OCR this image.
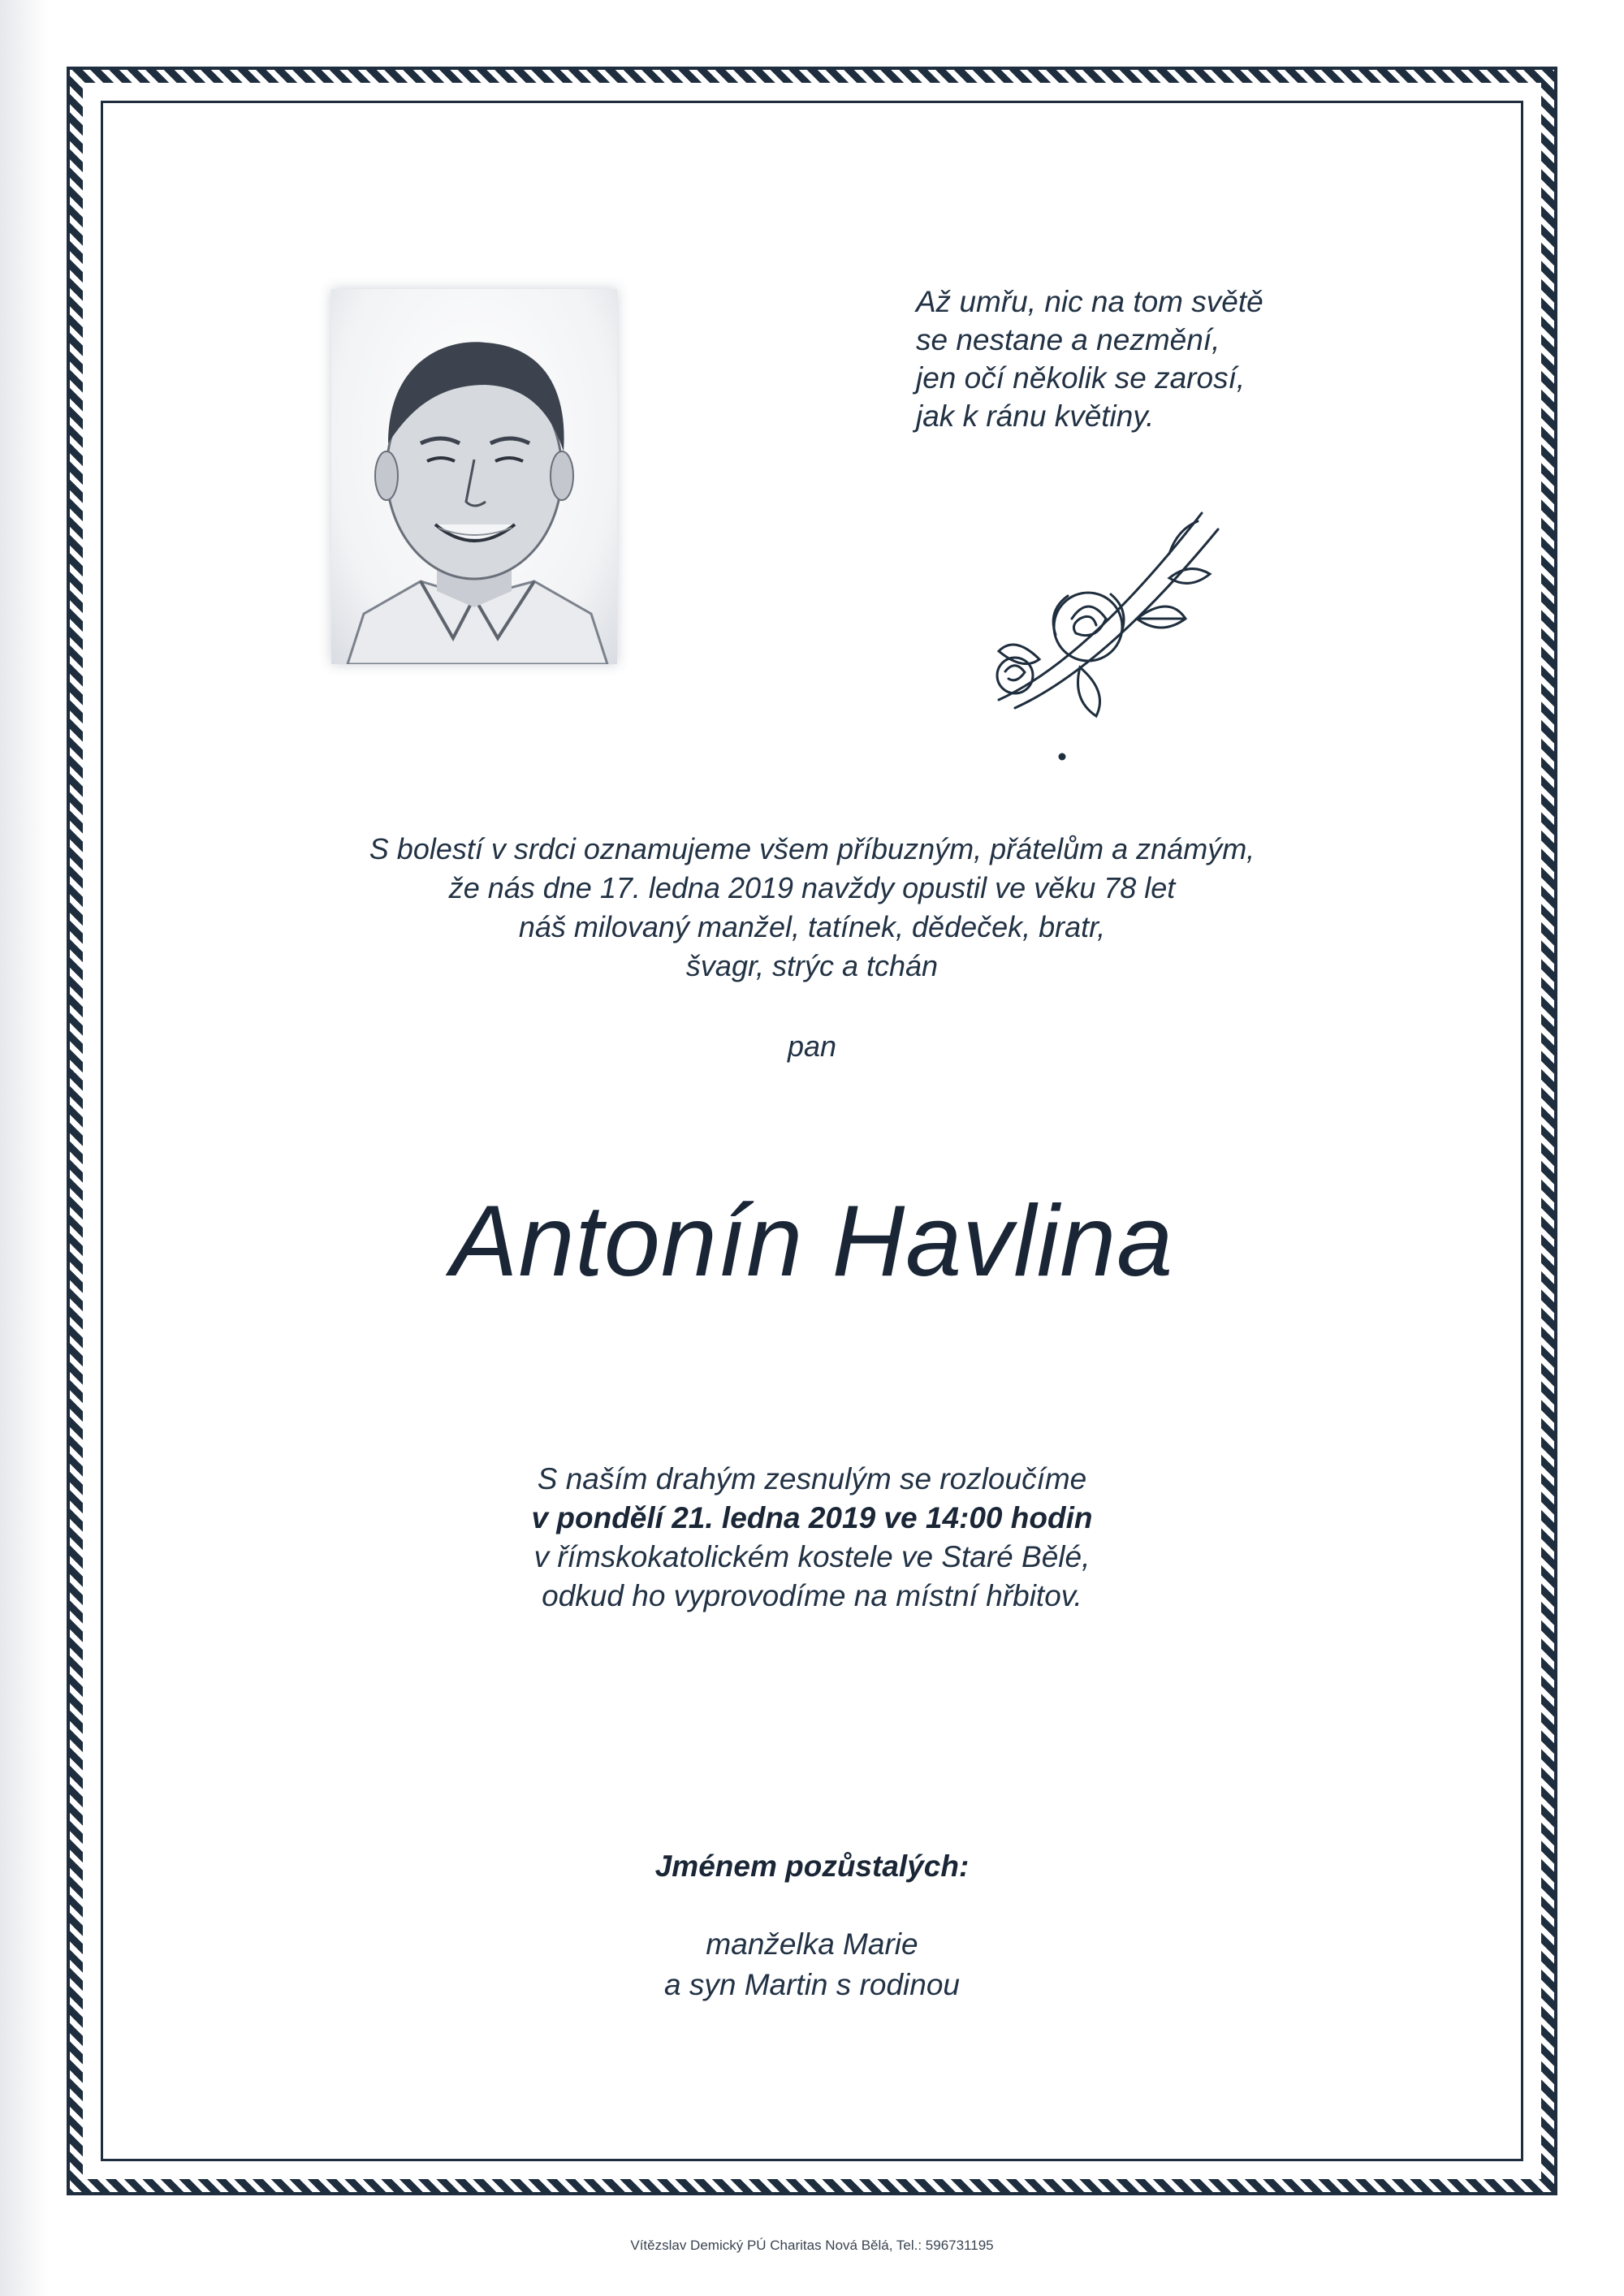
Až umřu, nic na tom světě
se nestane a nezmění,
jen očí několik se zarosí,
jak k ránu květiny.
S bolestí v srdci oznamujeme všem příbuzným, přátelům a známým,
že nás dne 17. ledna 2019 navždy opustil ve věku 78 let
náš milovaný manžel, tatínek, dědeček, bratr,
švagr, strýc a tchán
pan
Antonín Havlina
S naším drahým zesnulým se rozloučíme
v pondělí 21. ledna 2019 ve 14:00 hodin
v římskokatolickém kostele ve Staré Bělé,
odkud ho vyprovodíme na místní hřbitov.
Jménem pozůstalých:
manželka Marie
a syn Martin s rodinou
Vítězslav Demický PÚ Charitas Nová Bělá, Tel.: 596731195
